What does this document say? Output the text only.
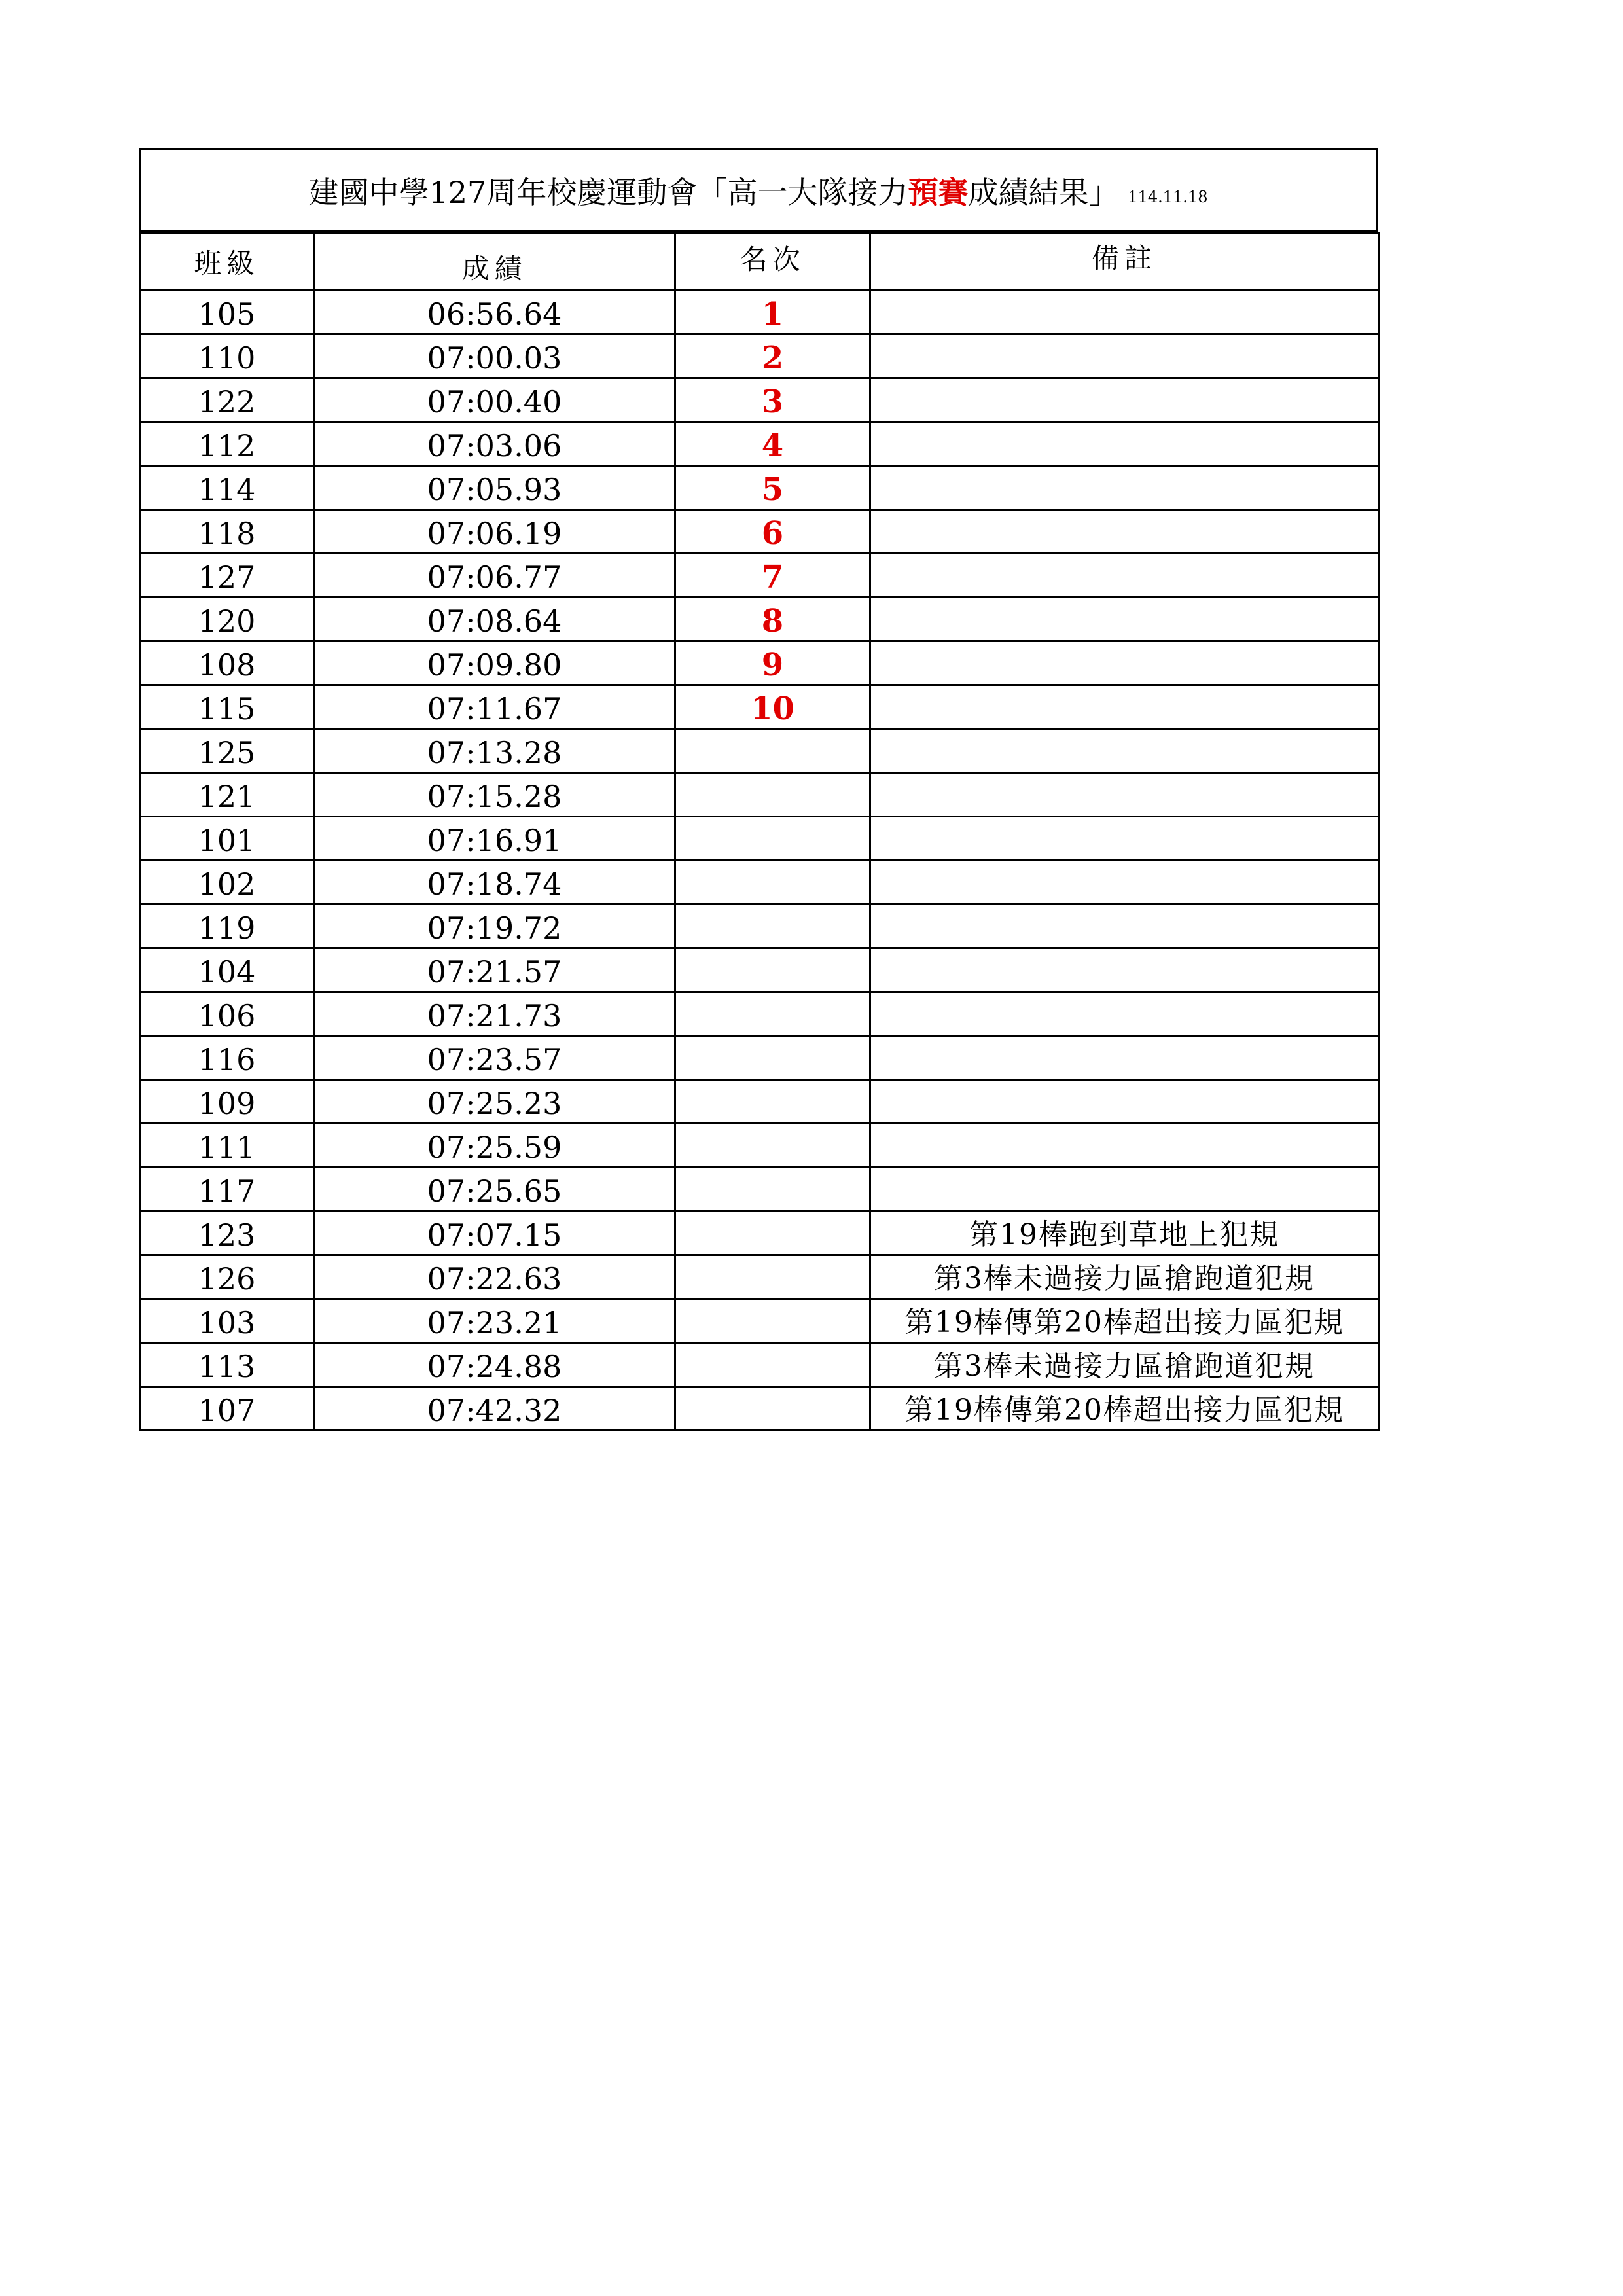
建國中學127周年校慶運動會「高一大隊接力預賽成績結果」 114.11.18
班級	成績	名次	備註
105	06:56.64	1	
110	07:00.03	2	
122	07:00.40	3	
112	07:03.06	4	
114	07:05.93	5	
118	07:06.19	6	
127	07:06.77	7	
120	07:08.64	8	
108	07:09.80	9	
115	07:11.67	10	
125	07:13.28		
121	07:15.28		
101	07:16.91		
102	07:18.74		
119	07:19.72		
104	07:21.57		
106	07:21.73		
116	07:23.57		
109	07:25.23		
111	07:25.59		
117	07:25.65		
123	07:07.15		第19棒跑到草地上犯規
126	07:22.63		第3棒未過接力區搶跑道犯規
103	07:23.21		第19棒傳第20棒超出接力區犯規
113	07:24.88		第3棒未過接力區搶跑道犯規
107	07:42.32		第19棒傳第20棒超出接力區犯規
